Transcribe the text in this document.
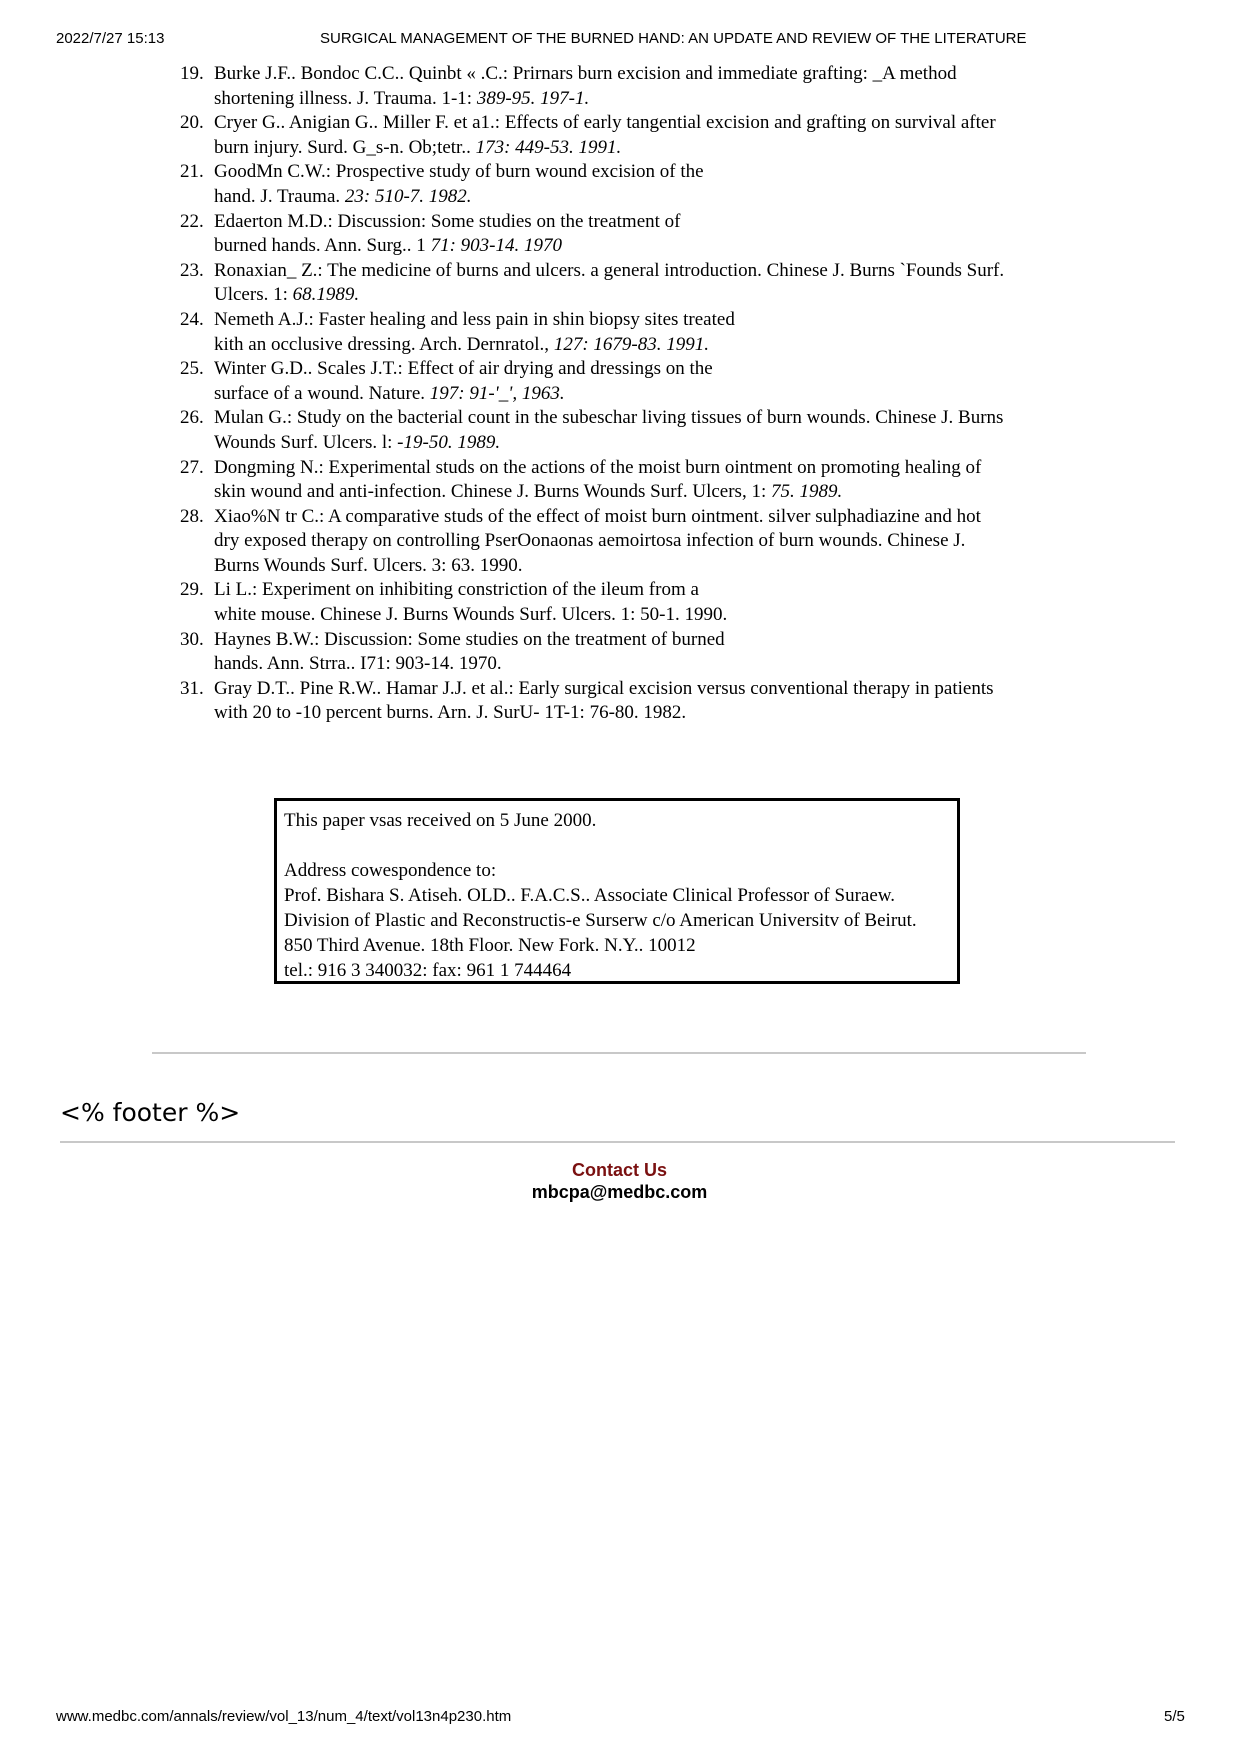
2022/7/27 15:13	SURGICAL MANAGEMENT OF THE BURNED HAND: AN UPDATE AND REVIEW OF THE LITERATURE
19. Burke J.F.. Bondoc C.C.. Quinbt « .C.: Prirnars burn excision and immediate grafting: _A method
shortening illness. J. Trauma. 1-1: 389-95. 197-1.
20. Cryer G.. Anigian G.. Miller F. et a1.: Effects of early tangential excision and grafting on survival after
burn injury. Surd. G_s-n. Ob;tetr.. 173: 449-53. 1991.
21. GoodMn C.W.: Prospective study of burn wound excision of the
hand. J. Trauma. 23: 510-7. 1982.
22. Edaerton M.D.: Discussion: Some studies on the treatment of
burned hands. Ann. Surg.. 1 71: 903-14. 1970
23. Ronaxian_ Z.: The medicine of burns and ulcers. a general introduction. Chinese J. Burns `Founds Surf.
Ulcers. 1: 68.1989.
24. Nemeth A.J.: Faster healing and less pain in shin biopsy sites treated
kith an occlusive dressing. Arch. Dernratol., 127: 1679-83. 1991.
25. Winter G.D.. Scales J.T.: Effect of air drying and dressings on the
surface of a wound. Nature. 197: 91-'_', 1963.
26. Mulan G.: Study on the bacterial count in the subeschar living tissues of burn wounds. Chinese J. Burns
Wounds Surf. Ulcers. l: -19-50. 1989.
27. Dongming N.: Experimental studs on the actions of the moist burn ointment on promoting healing of
skin wound and anti-infection. Chinese J. Burns Wounds Surf. Ulcers, 1: 75. 1989.
28. Xiao%N tr C.: A comparative studs of the effect of moist burn ointment. silver sulphadiazine and hot
dry exposed therapy on controlling PserOonaonas aemoirtosa infection of burn wounds. Chinese J.
Burns Wounds Surf. Ulcers. 3: 63. 1990.
29. Li L.: Experiment on inhibiting constriction of the ileum from a
white mouse. Chinese J. Burns Wounds Surf. Ulcers. 1: 50-1. 1990.
30. Haynes B.W.: Discussion: Some studies on the treatment of burned
hands. Ann. Strra.. I71: 903-14. 1970.
31. Gray D.T.. Pine R.W.. Hamar J.J. et al.: Early surgical excision versus conventional therapy in patients
with 20 to -10 percent burns. Arn. J. SurU- 1T-1: 76-80. 1982.
This paper vsas received on 5 June 2000.
Address cowespondence to:
Prof. Bishara S. Atiseh. OLD.. F.A.C.S.. Associate Clinical Professor of Suraew.
Division of Plastic and Reconstructis-e Surserw c/o American Universitv of Beirut.
850 Third Avenue. 18th Floor. New Fork. N.Y.. 10012
tel.: 916 3 340032: fax: 961 1 744464
<% footer %>
Contact Us
mbcpa@medbc.com
www.medbc.com/annals/review/vol_13/num_4/text/vol13n4p230.htm	5/5
